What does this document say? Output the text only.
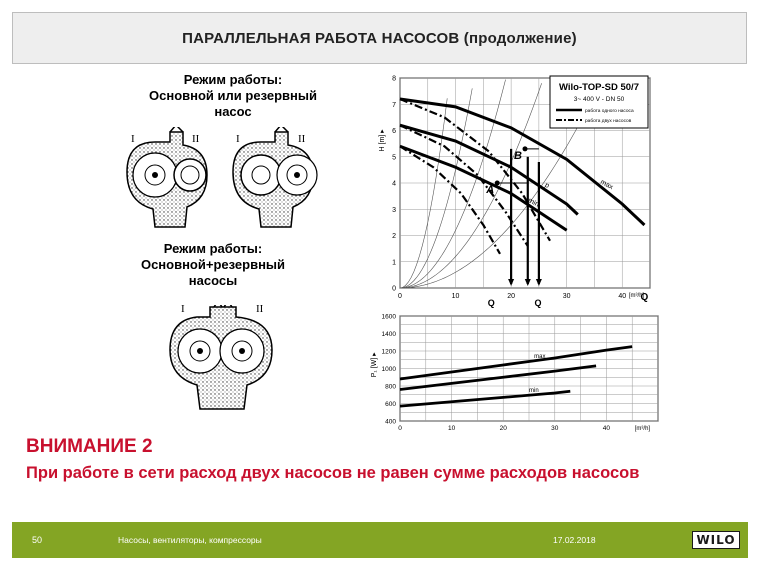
ПАРАЛЛЕЛЬНАЯ РАБОТА НАСОСОВ (продолжение)
Режим работы:
Основной или резервный
насос
Режим работы:
Основной+резервный
насосы
I	II	I	II
I	II
0	10	20	30	40
0
1
2
3
4
5
6
7
8
Q
[m³/h]
H [m] ▸
max
p
min
A
B
Q	Q
Wilo-TOP-SD 50/7
3~ 400 V - DN 50
работа одного насоса
работа двух насосов
0	10	20	30	40
400
600
800
1000
1200
1400
1600
[m³/h]
P₁ [W] ▸	max
min
ВНИМАНИЕ 2
При работе в сети расход двух насосов не равен сумме расходов насосов
50	Насосы, вентиляторы, компрессоры	17.02.2018	WILO
